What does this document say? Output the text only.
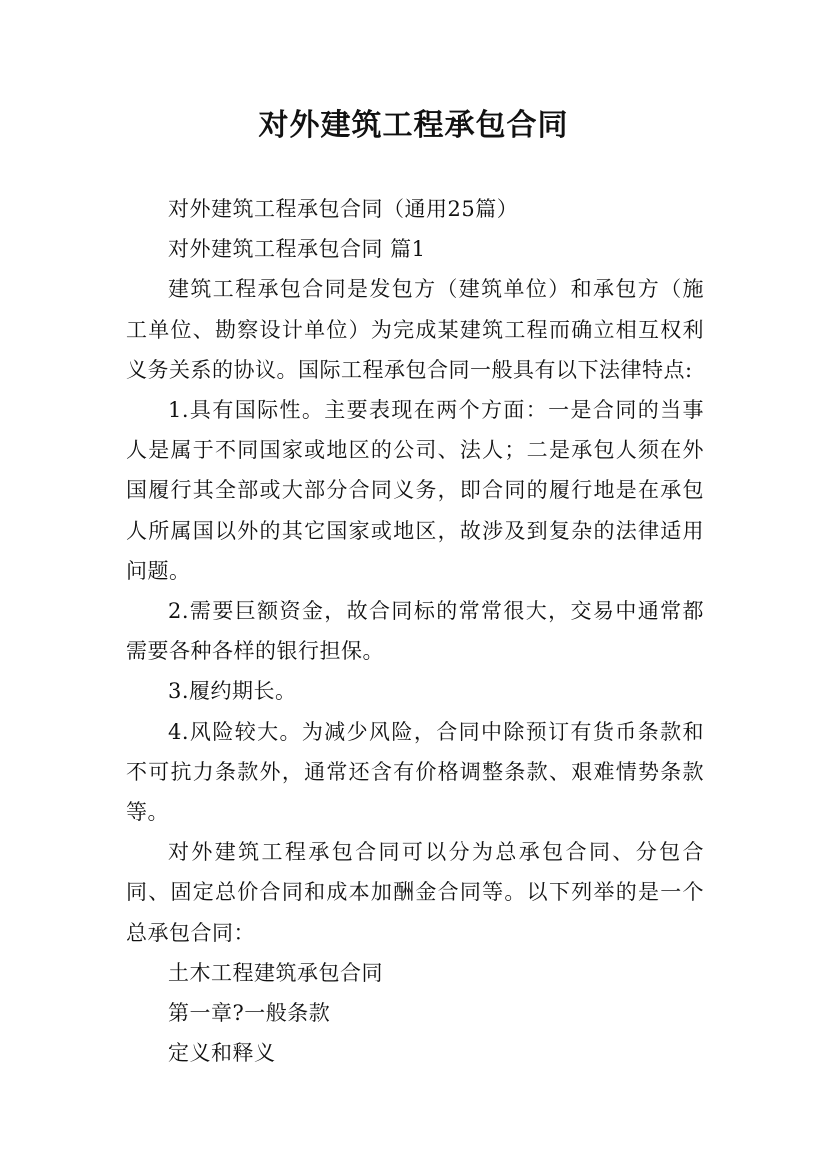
对外建筑工程承包合同

对外建筑工程承包合同（通用25篇）

对外建筑工程承包合同 篇1

建筑工程承包合同是发包方（建筑单位）和承包方（施工单位、勘察设计单位）为完成某建筑工程而确立相互权利义务关系的协议。国际工程承包合同一般具有以下法律特点:

1.具有国际性。主要表现在两个方面：一是合同的当事人是属于不同国家或地区的公司、法人；二是承包人须在外国履行其全部或大部分合同义务，即合同的履行地是在承包人所属国以外的其它国家或地区，故涉及到复杂的法律适用问题。

2.需要巨额资金，故合同标的常常很大，交易中通常都需要各种各样的银行担保。

3.履约期长。

4.风险较大。为减少风险，合同中除预订有货币条款和不可抗力条款外，通常还含有价格调整条款、艰难情势条款等。

对外建筑工程承包合同可以分为总承包合同、分包合同、固定总价合同和成本加酬金合同等。以下列举的是一个总承包合同：

土木工程建筑承包合同

第一章?一般条款

定义和释义
